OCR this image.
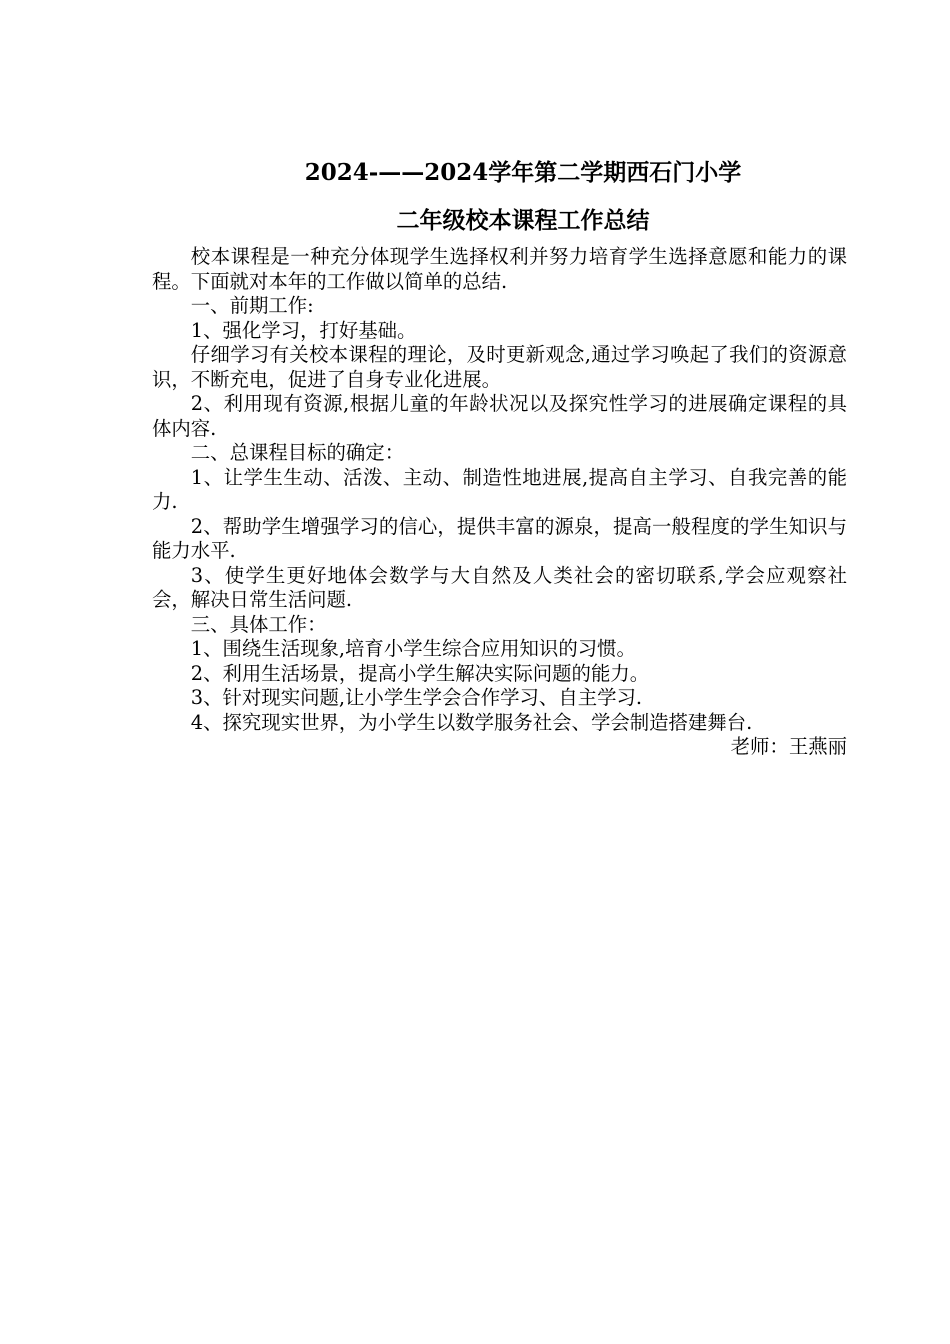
2024-——2024学年第二学期西石门小学
二年级校本课程工作总结

校本课程是一种充分体现学生选择权利并努力培育学生选择意愿和能力的课程。下面就对本年的工作做以简单的总结.

一、前期工作:

1、强化学习，打好基础。

仔细学习有关校本课程的理论，及时更新观念,通过学习唤起了我们的资源意识，不断充电，促进了自身专业化进展。

2、利用现有资源,根据儿童的年龄状况以及探究性学习的进展确定课程的具体内容.

二、总课程目标的确定：

1、让学生生动、活泼、主动、制造性地进展,提高自主学习、自我完善的能力.

2、帮助学生增强学习的信心，提供丰富的源泉，提高一般程度的学生知识与能力水平.

3、使学生更好地体会数学与大自然及人类社会的密切联系,学会应观察社会，解决日常生活问题.

三、具体工作：

1、围绕生活现象,培育小学生综合应用知识的习惯。

2、利用生活场景，提高小学生解决实际问题的能力。

3、针对现实问题,让小学生学会合作学习、自主学习.

4、探究现实世界，为小学生以数学服务社会、学会制造搭建舞台.

老师：王燕丽
